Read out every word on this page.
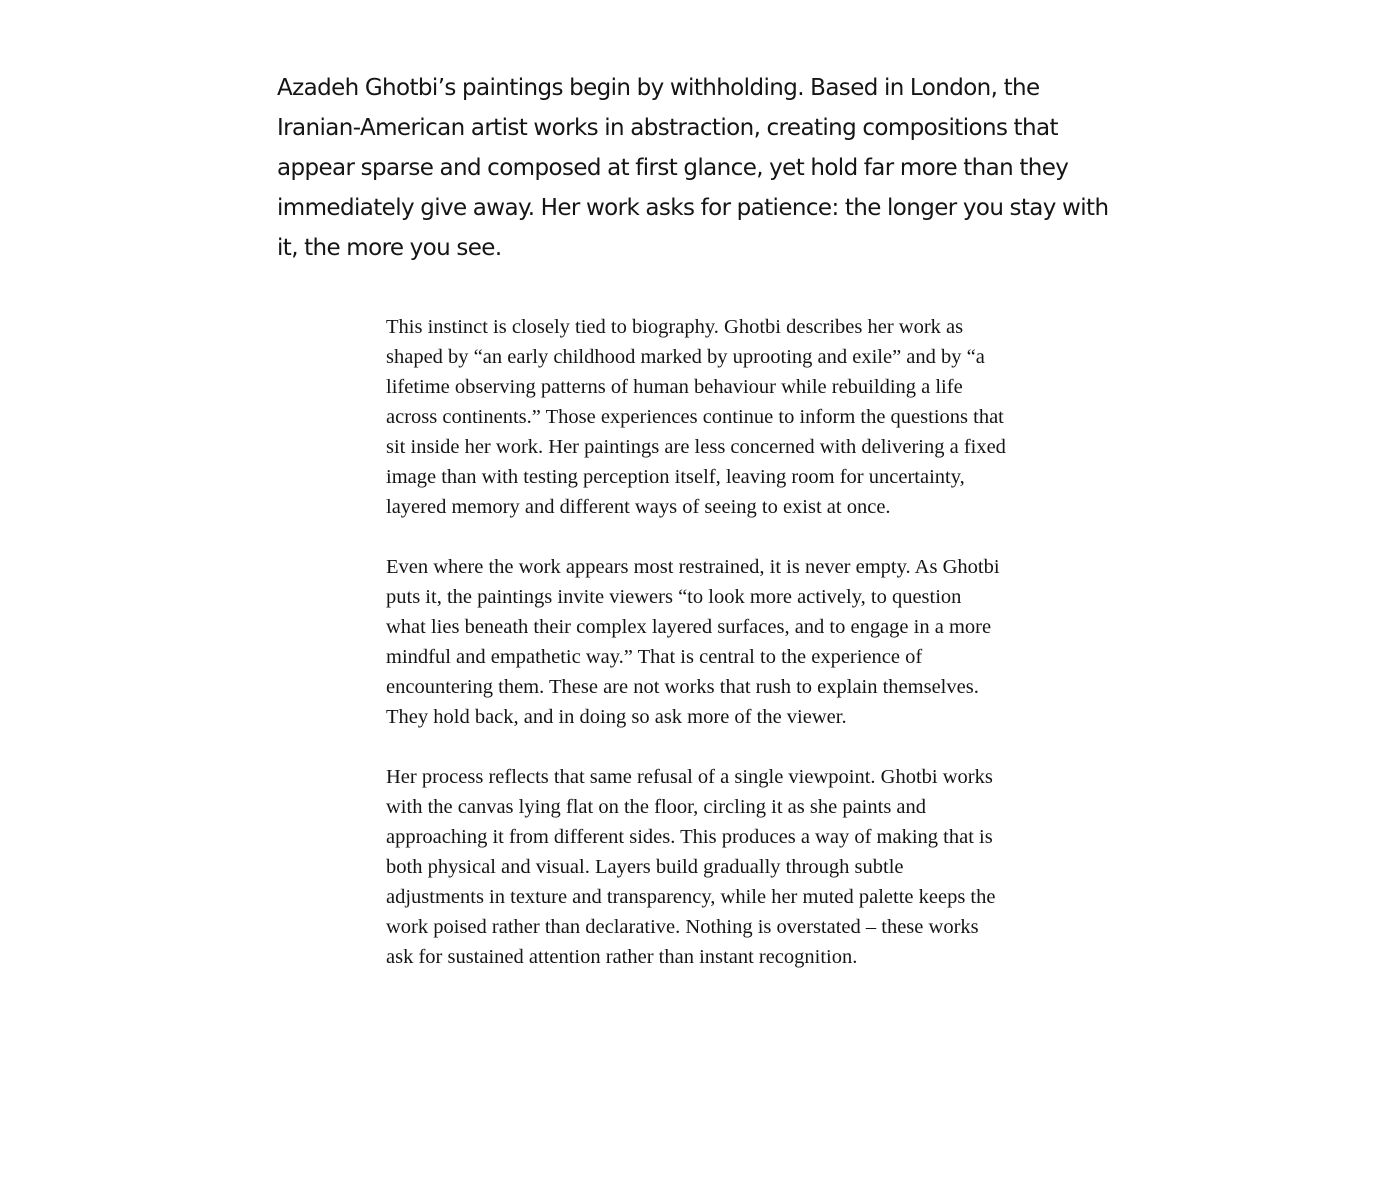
Azadeh Ghotbi’s paintings begin by withholding. Based in London, the Iranian-American artist works in abstraction, creating compositions that appear sparse and composed at first glance, yet hold far more than they immediately give away. Her work asks for patience: the longer you stay with it, the more you see.

This instinct is closely tied to biography. Ghotbi describes her work as shaped by “an early childhood marked by uprooting and exile” and by “a lifetime observing patterns of human behaviour while rebuilding a life across continents.” Those experiences continue to inform the questions that sit inside her work. Her paintings are less concerned with delivering a fixed image than with testing perception itself, leaving room for uncertainty, layered memory and different ways of seeing to exist at once.

Even where the work appears most restrained, it is never empty. As Ghotbi puts it, the paintings invite viewers “to look more actively, to question what lies beneath their complex layered surfaces, and to engage in a more mindful and empathetic way.” That is central to the experience of encountering them. These are not works that rush to explain themselves. They hold back, and in doing so ask more of the viewer.

Her process reflects that same refusal of a single viewpoint. Ghotbi works with the canvas lying flat on the floor, circling it as she paints and approaching it from different sides. This produces a way of making that is both physical and visual. Layers build gradually through subtle adjustments in texture and transparency, while her muted palette keeps the work poised rather than declarative. Nothing is overstated – these works ask for sustained attention rather than instant recognition.
